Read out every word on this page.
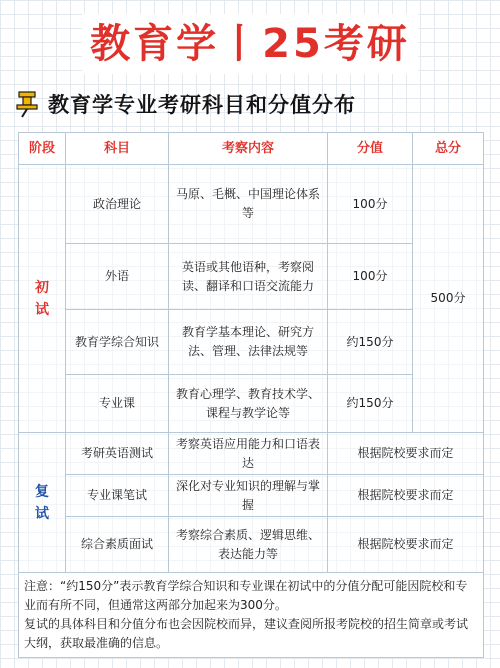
教育学丨25考研
教育学专业考研科目和分值分布
阶段	科目	考察内容	分值	总分
初试	政治理论	马原、毛概、中国理论体系等	100分	500分
	外语	英语或其他语种，考察阅读、翻译和口语交流能力	100分	
	教育学综合知识	教育学基本理论、研究方法、管理、法律法规等	约150分	
	专业课	教育心理学、教育技术学、课程与教学论等	约150分	
复试	考研英语测试	考察英语应用能力和口语表达	根据院校要求而定	
	专业课笔试	深化对专业知识的理解与掌握	根据院校要求而定	
	综合素质面试	考察综合素质、逻辑思维、表达能力等	根据院校要求而定	

注意：“约150分”表示教育学综合知识和专业课在初试中的分值分配可能因院校和专业而有所不同，但通常这两部分加起来为300分。
复试的具体科目和分值分布也会因院校而异，建议查阅所报考院校的招生简章或考试大纲，获取最准确的信息。				
